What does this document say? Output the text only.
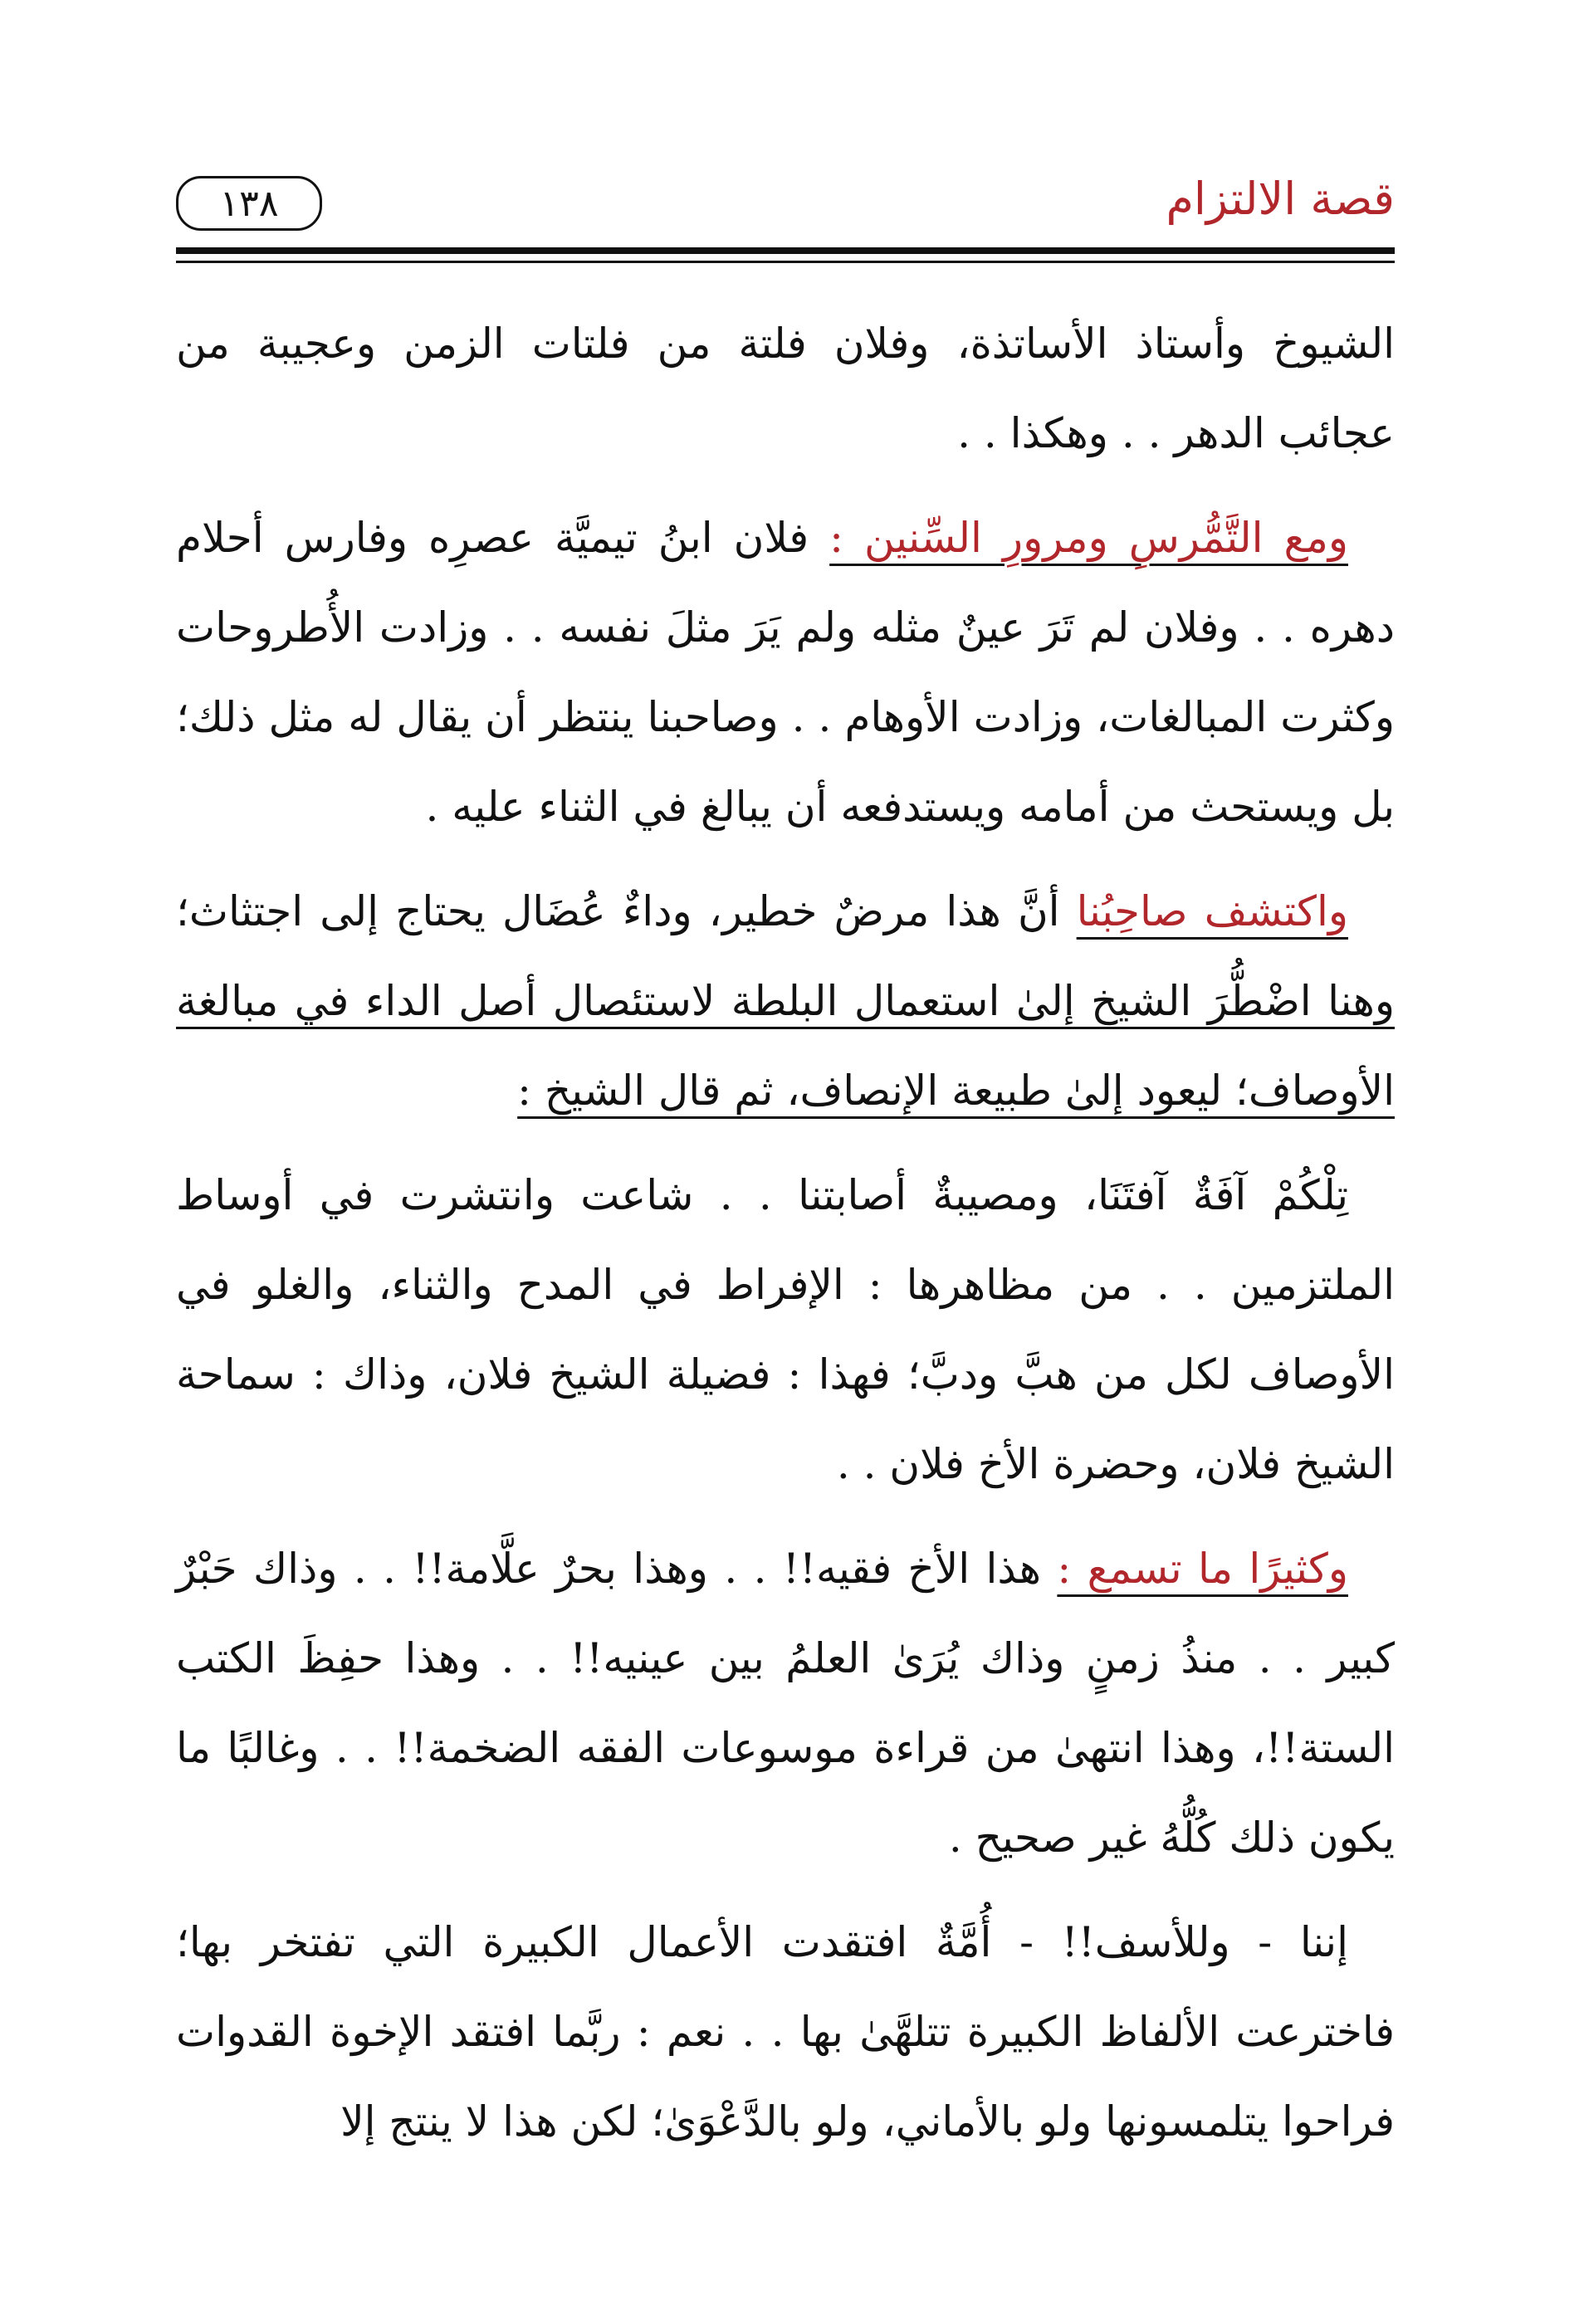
قصة الالتزام
١٣٨

الشيوخ وأستاذ الأساتذة، وفلان فلتة من فلتات الزمن وعجيبة من عجائب الدهر . . وهكذا . .

ومع التَّمُّرسِ ومرورِ السِّنين : فلان ابنُ تيميَّة عصرِه وفارس أحلام دهره . . وفلان لم تَرَ عينٌ مثله ولم يَرَ مثلَ نفسه . . وزادت الأُطروحات وكثرت المبالغات، وزادت الأوهام . . وصاحبنا ينتظر أن يقال له مثل ذلك؛ بل ويستحث من أمامه ويستدفعه أن يبالغ في الثناء عليه .

واكتشف صاحِبُنا أنَّ هذا مرضٌ خطير، وداءٌ عُضَال يحتاج إلى اجتثاث؛ وهنا اضْطُّرَ الشيخ إلىٰ استعمال البلطة لاستئصال أصل الداء في مبالغة الأوصاف؛ ليعود إلىٰ طبيعة الإنصاف، ثم قال الشيخ :

تِلْكُمْ آفَةٌ آفتَنَا، ومصيبةٌ أصابتنا . . شاعت وانتشرت في أوساط الملتزمين . . من مظاهرها : الإفراط في المدح والثناء، والغلو في الأوصاف لكل من هبَّ ودبَّ؛ فهذا : فضيلة الشيخ فلان، وذاك : سماحة الشيخ فلان، وحضرة الأخ فلان . .

وكثيرًا ما تسمع : هذا الأخ فقيه!! . . وهذا بحرٌ علَّامة!! . . وذاك حَبْرٌ كبير . . منذُ زمنٍ وذاك يُرَىٰ العلمُ بين عينيه!! . . وهذا حفِظَ الكتب الستة!!، وهذا انتهىٰ من قراءة موسوعات الفقه الضخمة!! . . وغالبًا ما يكون ذلك كُلُّهُ غير صحيح .

إننا - وللأسف!! - أُمَّةٌ افتقدت الأعمال الكبيرة التي تفتخر بها؛ فاخترعت الألفاظ الكبيرة تتلهَّىٰ بها . . نعم : ربَّما افتقد الإخوة القدوات فراحوا يتلمسونها ولو بالأماني، ولو بالدَّعْوَىٰ؛ لكن هذا لا ينتج إلا
